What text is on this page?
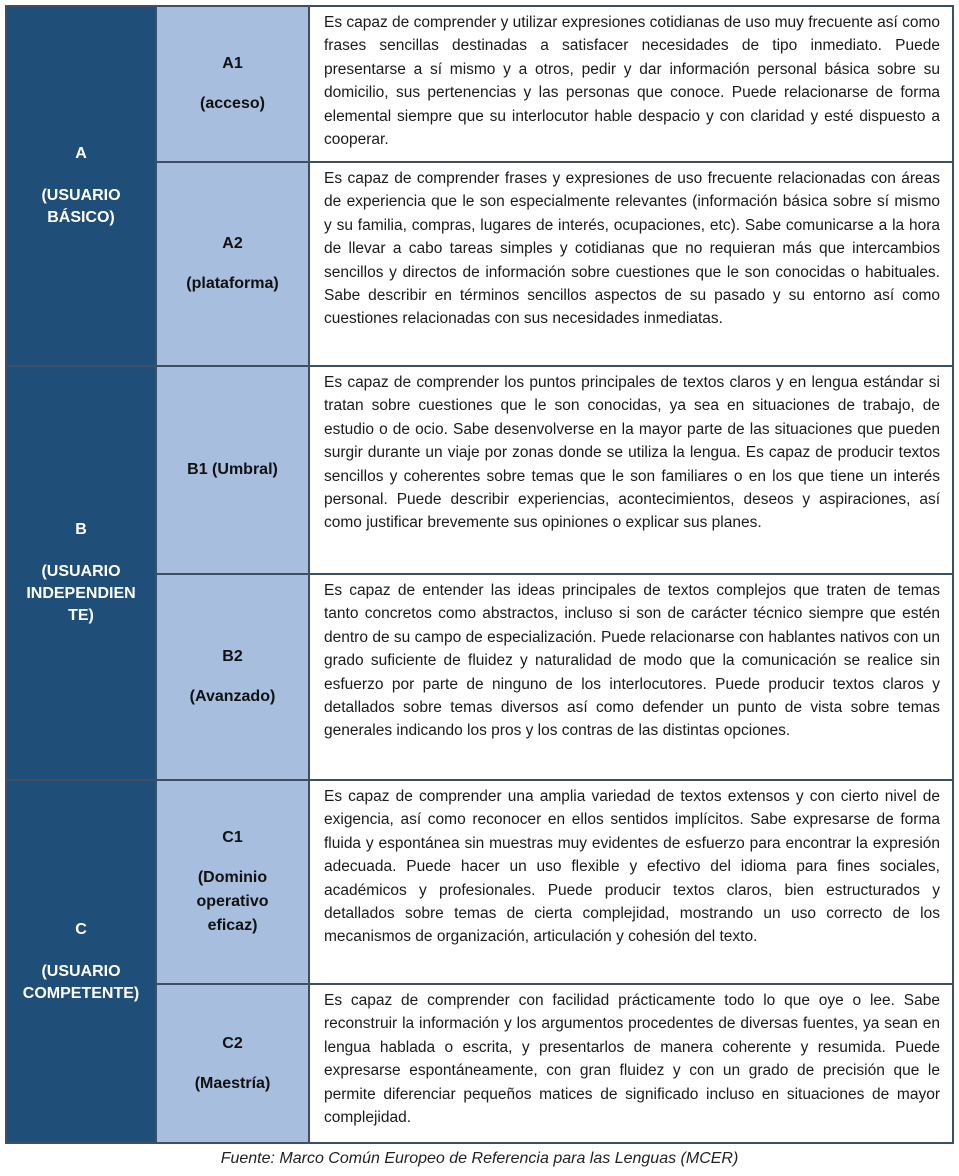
A
(USUARIO
BÁSICO)
B
(USUARIO
INDEPENDIEN
TE)
C
(USUARIO
COMPETENTE)
A1
(acceso)
A2
(plataforma)
B1 (Umbral)
B2
(Avanzado)
C1
(Dominio
operativo
eficaz)
C2
(Maestría)

Es capaz de comprender y utilizar expresiones cotidianas de uso muy frecuente así como frases sencillas destinadas a satisfacer necesidades de tipo inmediato. Puede presentarse a sí mismo y a otros, pedir y dar información personal básica sobre su domicilio, sus pertenencias y las personas que conoce. Puede relacionarse de forma elemental siempre que su interlocutor hable despacio y con claridad y esté dispuesto a cooperar.

Es capaz de comprender frases y expresiones de uso frecuente relacionadas con áreas de experiencia que le son especialmente relevantes (información básica sobre sí mismo y su familia, compras, lugares de interés, ocupaciones, etc). Sabe comunicarse a la hora de llevar a cabo tareas simples y cotidianas que no requieran más que intercambios sencillos y directos de información sobre cuestiones que le son conocidas o habituales. Sabe describir en términos sencillos aspectos de su pasado y su entorno así como cuestiones relacionadas con sus necesidades inmediatas.

Es capaz de comprender los puntos principales de textos claros y en lengua estándar si tratan sobre cuestiones que le son conocidas, ya sea en situaciones de trabajo, de estudio o de ocio. Sabe desenvolverse en la mayor parte de las situaciones que pueden surgir durante un viaje por zonas donde se utiliza la lengua. Es capaz de producir textos sencillos y coherentes sobre temas que le son familiares o en los que tiene un interés personal. Puede describir experiencias, acontecimientos, deseos y aspiraciones, así como justificar brevemente sus opiniones o explicar sus planes.

Es capaz de entender las ideas principales de textos complejos que traten de temas tanto concretos como abstractos, incluso si son de carácter técnico siempre que estén dentro de su campo de especialización. Puede relacionarse con hablantes nativos con un grado suficiente de fluidez y naturalidad de modo que la comunicación se realice sin esfuerzo por parte de ninguno de los interlocutores. Puede producir textos claros y detallados sobre temas diversos así como defender un punto de vista sobre temas generales indicando los pros y los contras de las distintas opciones.

Es capaz de comprender una amplia variedad de textos extensos y con cierto nivel de exigencia, así como reconocer en ellos sentidos implícitos. Sabe expresarse de forma fluida y espontánea sin muestras muy evidentes de esfuerzo para encontrar la expresión adecuada. Puede hacer un uso flexible y efectivo del idioma para fines sociales, académicos y profesionales. Puede producir textos claros, bien estructurados y detallados sobre temas de cierta complejidad, mostrando un uso correcto de los mecanismos de organización, articulación y cohesión del texto.

Es capaz de comprender con facilidad prácticamente todo lo que oye o lee. Sabe reconstruir la información y los argumentos procedentes de diversas fuentes, ya sean en lengua hablada o escrita, y presentarlos de manera coherente y resumida. Puede expresarse espontáneamente, con gran fluidez y con un grado de precisión que le permite diferenciar pequeños matices de significado incluso en situaciones de mayor complejidad.

Fuente: Marco Común Europeo de Referencia para las Lenguas (MCER)
